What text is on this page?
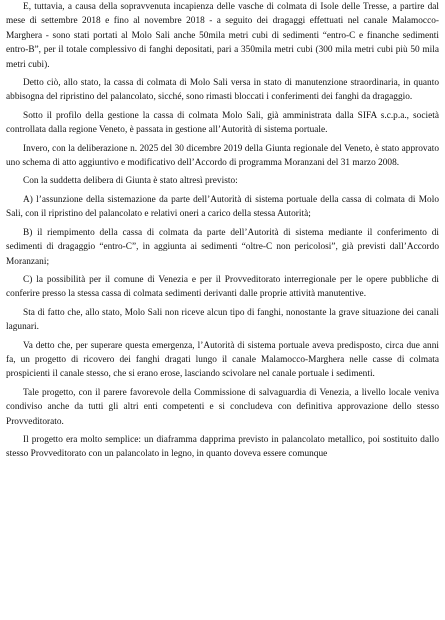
E, tuttavia, a causa della sopravvenuta incapienza delle vasche di colmata di Isole delle Tresse, a partire dal mese di settembre 2018 e fino al novembre 2018 - a seguito dei dragaggi effettuati nel canale Malamocco-Marghera - sono stati portati al Molo Sali anche 50mila metri cubi di sedimenti “entro-C e finanche sedimenti entro-B”, per il totale complessivo di fanghi depositati, pari a 350mila metri cubi (300 mila metri cubi più 50 mila metri cubi).

Detto ciò, allo stato, la cassa di colmata di Molo Sali versa in stato di manutenzione straordinaria, in quanto abbisogna del ripristino del palancolato, sicché, sono rimasti bloccati i conferimenti dei fanghi da dragaggio.

Sotto il profilo della gestione la cassa di colmata Molo Sali, già amministrata dalla SIFA s.c.p.a., società controllata dalla regione Veneto, è passata in gestione all’Autorità di sistema portuale.

Invero, con la deliberazione n. 2025 del 30 dicembre 2019 della Giunta regionale del Veneto, è stato approvato uno schema di atto aggiuntivo e modificativo dell’Accordo di programma Moranzani del 31 marzo 2008.

Con la suddetta delibera di Giunta è stato altresì previsto:

A) l’assunzione della sistemazione da parte dell’Autorità di sistema portuale della cassa di colmata di Molo Sali, con il ripristino del palancolato e relativi oneri a carico della stessa Autorità;

B) il riempimento della cassa di colmata da parte dell’Autorità di sistema mediante il conferimento di sedimenti di dragaggio “entro-C”, in aggiunta ai sedimenti “oltre-C non pericolosi”, già previsti dall’Accordo Moranzani;

C) la possibilità per il comune di Venezia e per il Provveditorato interregionale per le opere pubbliche di conferire presso la stessa cassa di colmata sedimenti derivanti dalle proprie attività manutentive.

Sta di fatto che, allo stato, Molo Sali non riceve alcun tipo di fanghi, nonostante la grave situazione dei canali lagunari.

Va detto che, per superare questa emergenza, l’Autorità di sistema portuale aveva predisposto, circa due anni fa, un progetto di ricovero dei fanghi dragati lungo il canale Malamocco-Marghera nelle casse di colmata prospicienti il canale stesso, che si erano erose, lasciando scivolare nel canale portuale i sedimenti.

Tale progetto, con il parere favorevole della Commissione di salvaguardia di Venezia, a livello locale veniva condiviso anche da tutti gli altri enti competenti e si concludeva con definitiva approvazione dello stesso Provveditorato.

Il progetto era molto semplice: un diaframma dapprima previsto in palancolato metallico, poi sostituito dallo stesso Provveditorato con un palancolato in legno, in quanto doveva essere comunque
